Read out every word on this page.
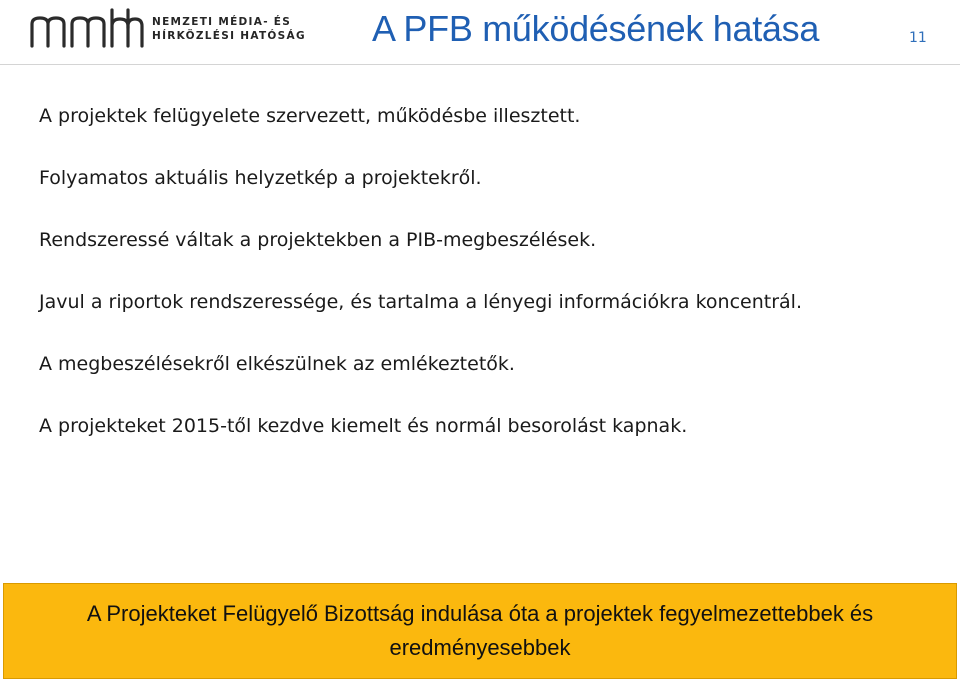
NEMZETI MÉDIA- ÉS
HÍRKÖZLÉSI HATÓSÁG A PFB működésének hatása	11
A projektek felügyelete szervezett, működésbe illesztett.
Folyamatos aktuális helyzetkép a projektekről.
Rendszeressé váltak a projektekben a PIB-megbeszélések.
Javul a riportok rendszeressége, és tartalma a lényegi információkra koncentrál.
A megbeszélésekről elkészülnek az emlékeztetők.
A projekteket 2015-től kezdve kiemelt és normál besorolást kapnak.
A Projekteket Felügyelő Bizottság indulása óta a projektek fegyelmezettebbek és eredményesebbek
